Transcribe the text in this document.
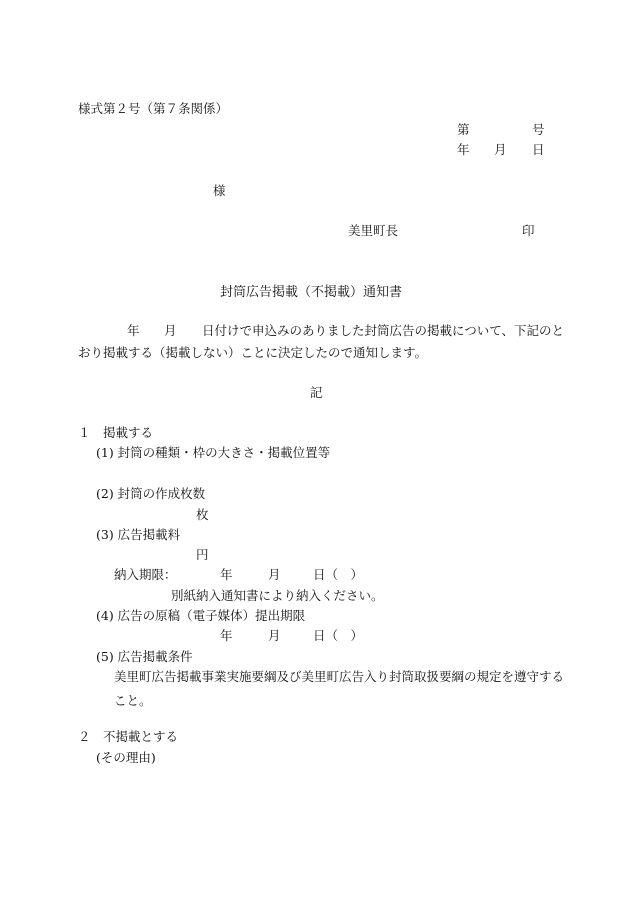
様式第２号（第７条関係）
第	号
年 月 日
様
美里町長	印
封筒広告掲載（不掲載）通知書
年 月 日付けで申込みのありました封筒広告の掲載について、下記のと
おり掲載する（掲載しない）ことに決定したので通知します。
記
１　掲載する
(1) 封筒の種類・枠の大きさ・掲載位置等
(2) 封筒の作成枚数
枚
(3) 広告掲載料
円
納入期限：	年	月	日（　）
別紙納入通知書により納入ください。
(4) 広告の原稿（電子媒体）提出期限
年	月	日（　）
(5) 広告掲載条件
美里町広告掲載事業実施要綱及び美里町広告入り封筒取扱要綱の規定を遵守すること。
２　不掲載とする
(その理由)
